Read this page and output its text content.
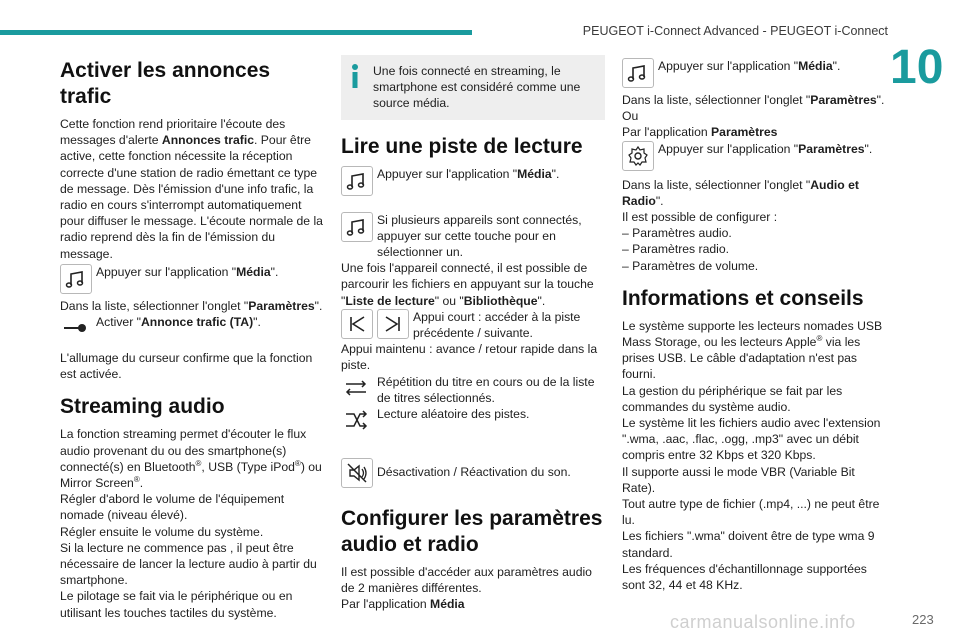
PEUGEOT i-Connect Advanced - PEUGEOT i-Connect
10
Activer les annonces trafic

Cette fonction rend prioritaire l'écoute des messages d'alerte Annonces trafic. Pour être active, cette fonction nécessite la réception correcte d'une station de radio émettant ce type de message. Dès l'émission d'une info trafic, la radio en cours s'interrompt automatiquement pour diffuser le message. L'écoute normale de la radio reprend dès la fin de l'émission du message.

Appuyer sur l'application "Média".

Dans la liste, sélectionner l'onglet "Paramètres".

Activer "Annonce trafic (TA)".

L'allumage du curseur confirme que la fonction est activée.

Streaming audio

La fonction streaming permet d'écouter le flux audio provenant du ou des smartphone(s) connecté(s) en Bluetooth®, USB (Type iPod®) ou Mirror Screen®.

Régler d'abord le volume de l'équipement nomade (niveau élevé).

Régler ensuite le volume du système.

Si la lecture ne commence pas , il peut être nécessaire de lancer la lecture audio à partir du smartphone.

Le pilotage se fait via le périphérique ou en utilisant les touches tactiles du système.

Une fois connecté en streaming, le smartphone est considéré comme une source média.

Lire une piste de lecture
Appuyer sur l'application "Média".
Si plusieurs appareils sont connectés, appuyer sur cette touche pour en sélectionner un.

Une fois l'appareil connecté, il est possible de parcourir les fichiers en appuyant sur la touche "Liste de lecture" ou "Bibliothèque".

Appui court : accéder à la piste précédente / suivante.

Appui maintenu : avance / retour rapide dans la piste.

Répétition du titre en cours ou de la liste de titres sélectionnés.
Lecture aléatoire des pistes.
Désactivation / Réactivation du son.
Configurer les paramètres audio et radio

Il est possible d'accéder aux paramètres audio de 2 manières différentes.

Par l'application Média

Appuyer sur l'application "Média".

Dans la liste, sélectionner l'onglet "Paramètres".

Ou

Par l'application Paramètres

Appuyer sur l'application "Paramètres".

Dans la liste, sélectionner l'onglet "Audio et Radio".

Il est possible de configurer :

– Paramètres audio.

– Paramètres radio.

– Paramètres de volume.

Informations et conseils

Le système supporte les lecteurs nomades USB Mass Storage, ou les lecteurs Apple® via les prises USB. Le câble d'adaptation n'est pas fourni.

La gestion du périphérique se fait par les commandes du système audio.

Le système lit les fichiers audio avec l'extension ".wma, .aac, .flac, .ogg, .mp3" avec un débit compris entre 32 Kbps et 320 Kbps.

Il supporte aussi le mode VBR (Variable Bit Rate).

Tout autre type de fichier (.mp4, ...) ne peut être lu.

Les fichiers ".wma" doivent être de type wma 9 standard.

Les fréquences d'échantillonnage supportées sont 32, 44 et 48 KHz.

carmanualsonline.info	223
